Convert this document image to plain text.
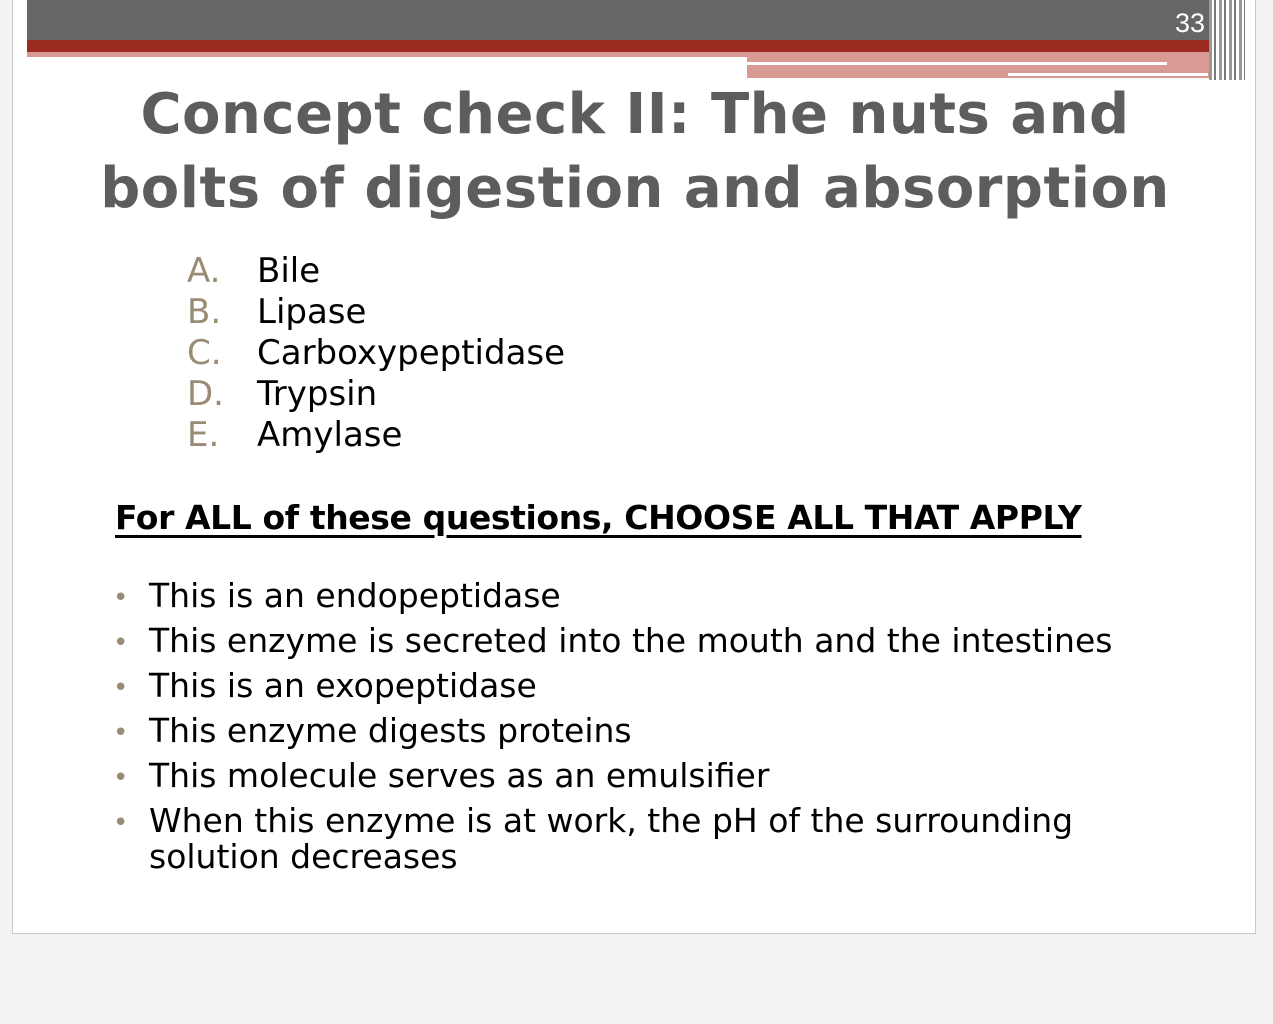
33
Concept check II: The nuts and bolts of digestion and absorption
A.	Bile
B.	Lipase
C.	Carboxypeptidase
D. Trypsin
E.	Amylase

For ALL of these questions, CHOOSE ALL THAT APPLY

• This is an endopeptidase
• This enzyme is secreted into the mouth and the intestines
• This is an exopeptidase
• This enzyme digests proteins
• This molecule serves as an emulsifier
• When this enzyme is at work, the pH of the surrounding solution decreases
